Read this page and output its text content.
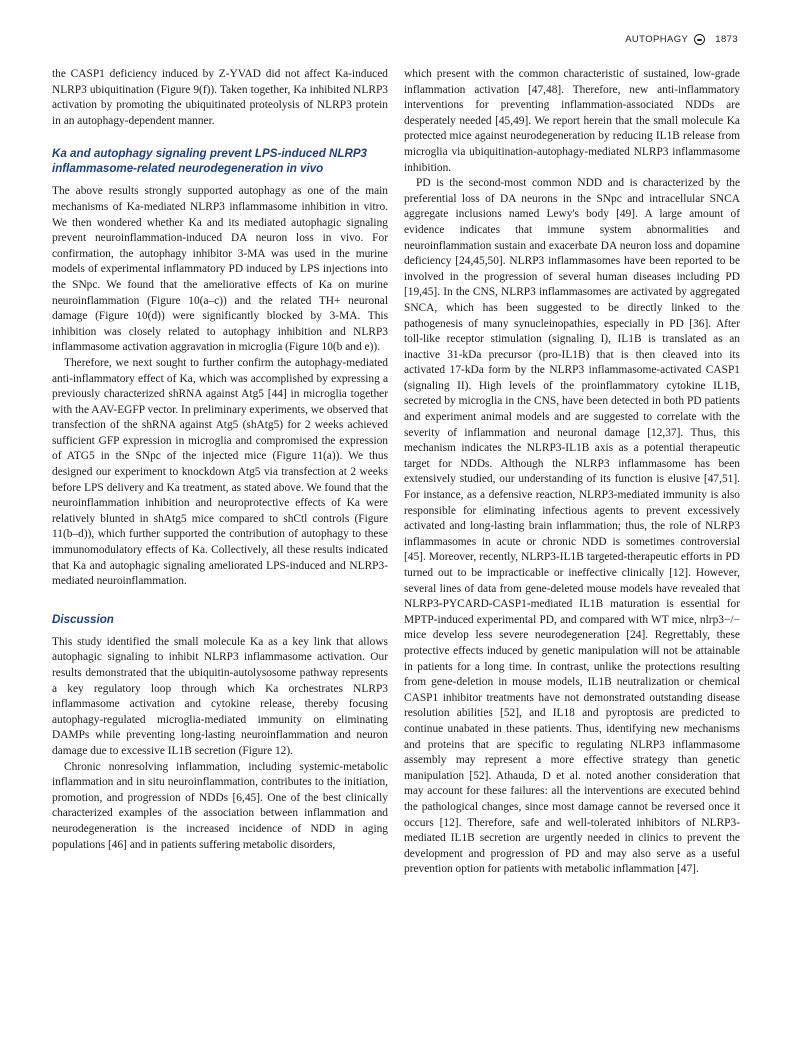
AUTOPHAGY	1873

the CASP1 deficiency induced by Z-YVAD did not affect Ka-induced NLRP3 ubiquitination (Figure 9(f)). Taken together, Ka inhibited NLRP3 activation by promoting the ubiquitinated proteolysis of NLRP3 protein in an autophagy-dependent manner.

Ka and autophagy signaling prevent LPS-induced NLRP3 inflammasome-related neurodegeneration in vivo

The above results strongly supported autophagy as one of the main mechanisms of Ka-mediated NLRP3 inflammasome inhibition in vitro. We then wondered whether Ka and its mediated autophagic signaling prevent neuroinflammation-induced DA neuron loss in vivo. For confirmation, the autophagy inhibitor 3-MA was used in the murine models of experimental inflammatory PD induced by LPS injections into the SNpc. We found that the ameliorative effects of Ka on murine neuroinflammation (Figure 10(a–c)) and the related TH+ neuronal damage (Figure 10(d)) were significantly blocked by 3-MA. This inhibition was closely related to autophagy inhibition and NLRP3 inflammasome activation aggravation in microglia (Figure 10(b and e)).

Therefore, we next sought to further confirm the autophagy-mediated anti-inflammatory effect of Ka, which was accomplished by expressing a previously characterized shRNA against Atg5 [44] in microglia together with the AAV-EGFP vector. In preliminary experiments, we observed that transfection of the shRNA against Atg5 (shAtg5) for 2 weeks achieved sufficient GFP expression in microglia and compromised the expression of ATG5 in the SNpc of the injected mice (Figure 11(a)). We thus designed our experiment to knockdown Atg5 via transfection at 2 weeks before LPS delivery and Ka treatment, as stated above. We found that the neuroinflammation inhibition and neuroprotective effects of Ka were relatively blunted in shAtg5 mice compared to shCtl controls (Figure 11(b–d)), which further supported the contribution of autophagy to these immunomodulatory effects of Ka. Collectively, all these results indicated that Ka and autophagic signaling ameliorated LPS-induced and NLRP3-mediated neuroinflammation.

Discussion

This study identified the small molecule Ka as a key link that allows autophagic signaling to inhibit NLRP3 inflammasome activation. Our results demonstrated that the ubiquitin-autolysosome pathway represents a key regulatory loop through which Ka orchestrates NLRP3 inflammasome activation and cytokine release, thereby focusing autophagy-regulated microglia-mediated immunity on eliminating DAMPs while preventing long-lasting neuroinflammation and neuron damage due to excessive IL1B secretion (Figure 12).

Chronic nonresolving inflammation, including systemic-metabolic inflammation and in situ neuroinflammation, contributes to the initiation, promotion, and progression of NDDs [6,45]. One of the best clinically characterized examples of the association between inflammation and neurodegeneration is the increased incidence of NDD in aging populations [46] and in patients suffering metabolic disorders,

which present with the common characteristic of sustained, low-grade inflammation activation [47,48]. Therefore, new anti-inflammatory interventions for preventing inflammation-associated NDDs are desperately needed [45,49]. We report herein that the small molecule Ka protected mice against neurodegeneration by reducing IL1B release from microglia via ubiquitination-autophagy-mediated NLRP3 inflammasome inhibition.

PD is the second-most common NDD and is characterized by the preferential loss of DA neurons in the SNpc and intracellular SNCA aggregate inclusions named Lewy's body [49]. A large amount of evidence indicates that immune system abnormalities and neuroinflammation sustain and exacerbate DA neuron loss and dopamine deficiency [24,45,50]. NLRP3 inflammasomes have been reported to be involved in the progression of several human diseases including PD [19,45]. In the CNS, NLRP3 inflammasomes are activated by aggregated SNCA, which has been suggested to be directly linked to the pathogenesis of many synucleinopathies, especially in PD [36]. After toll-like receptor stimulation (signaling I), IL1B is translated as an inactive 31-kDa precursor (pro-IL1B) that is then cleaved into its activated 17-kDa form by the NLRP3 inflammasome-activated CASP1 (signaling II). High levels of the proinflammatory cytokine IL1B, secreted by microglia in the CNS, have been detected in both PD patients and experiment animal models and are suggested to correlate with the severity of inflammation and neuronal damage [12,37]. Thus, this mechanism indicates the NLRP3-IL1B axis as a potential therapeutic target for NDDs. Although the NLRP3 inflammasome has been extensively studied, our understanding of its function is elusive [47,51]. For instance, as a defensive reaction, NLRP3-mediated immunity is also responsible for eliminating infectious agents to prevent excessively activated and long-lasting brain inflammation; thus, the role of NLRP3 inflammasomes in acute or chronic NDD is sometimes controversial [45]. Moreover, recently, NLRP3-IL1B targeted-therapeutic efforts in PD turned out to be impracticable or ineffective clinically [12]. However, several lines of data from gene-deleted mouse models have revealed that NLRP3-PYCARD-CASP1-mediated IL1B maturation is essential for MPTP-induced experimental PD, and compared with WT mice, nlrp3−/− mice develop less severe neurodegeneration [24]. Regrettably, these protective effects induced by genetic manipulation will not be attainable in patients for a long time. In contrast, unlike the protections resulting from gene-deletion in mouse models, IL1B neutralization or chemical CASP1 inhibitor treatments have not demonstrated outstanding disease resolution abilities [52], and IL18 and pyroptosis are predicted to continue unabated in these patients. Thus, identifying new mechanisms and proteins that are specific to regulating NLRP3 inflammasome assembly may represent a more effective strategy than genetic manipulation [52]. Athauda, D et al. noted another consideration that may account for these failures: all the interventions are executed behind the pathological changes, since most damage cannot be reversed once it occurs [12]. Therefore, safe and well-tolerated inhibitors of NLRP3-mediated IL1B secretion are urgently needed in clinics to prevent the development and progression of PD and may also serve as a useful prevention option for patients with metabolic inflammation [47].
